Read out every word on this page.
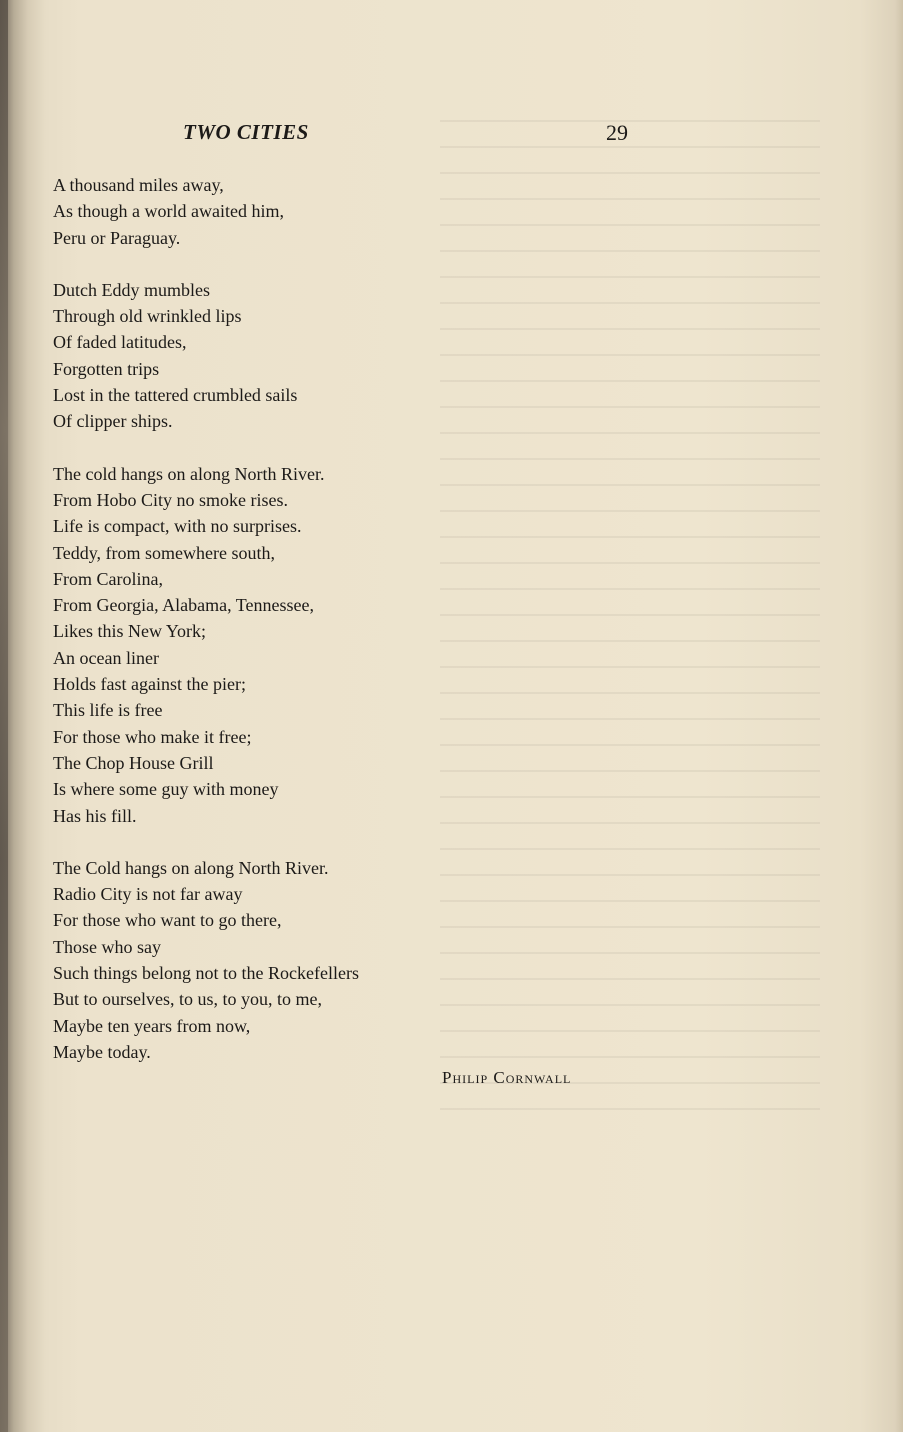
TWO CITIES	29
A thousand miles away,
As though a world awaited him,
Peru or Paraguay.
Dutch Eddy mumbles
Through old wrinkled lips
Of faded latitudes,
Forgotten trips
Lost in the tattered crumbled sails
Of clipper ships.
The cold hangs on along North River.
From Hobo City no smoke rises.
Life is compact, with no surprises.
Teddy, from somewhere south,
From Carolina,
From Georgia, Alabama, Tennessee,
Likes this New York;
An ocean liner
Holds fast against the pier;
This life is free
For those who make it free;
The Chop House Grill
Is where some guy with money
Has his fill.
The Cold hangs on along North River.
Radio City is not far away
For those who want to go there,
Those who say
Such things belong not to the Rockefellers
But to ourselves, to us, to you, to me,
Maybe ten years from now,
Maybe today.
Philip Cornwall
